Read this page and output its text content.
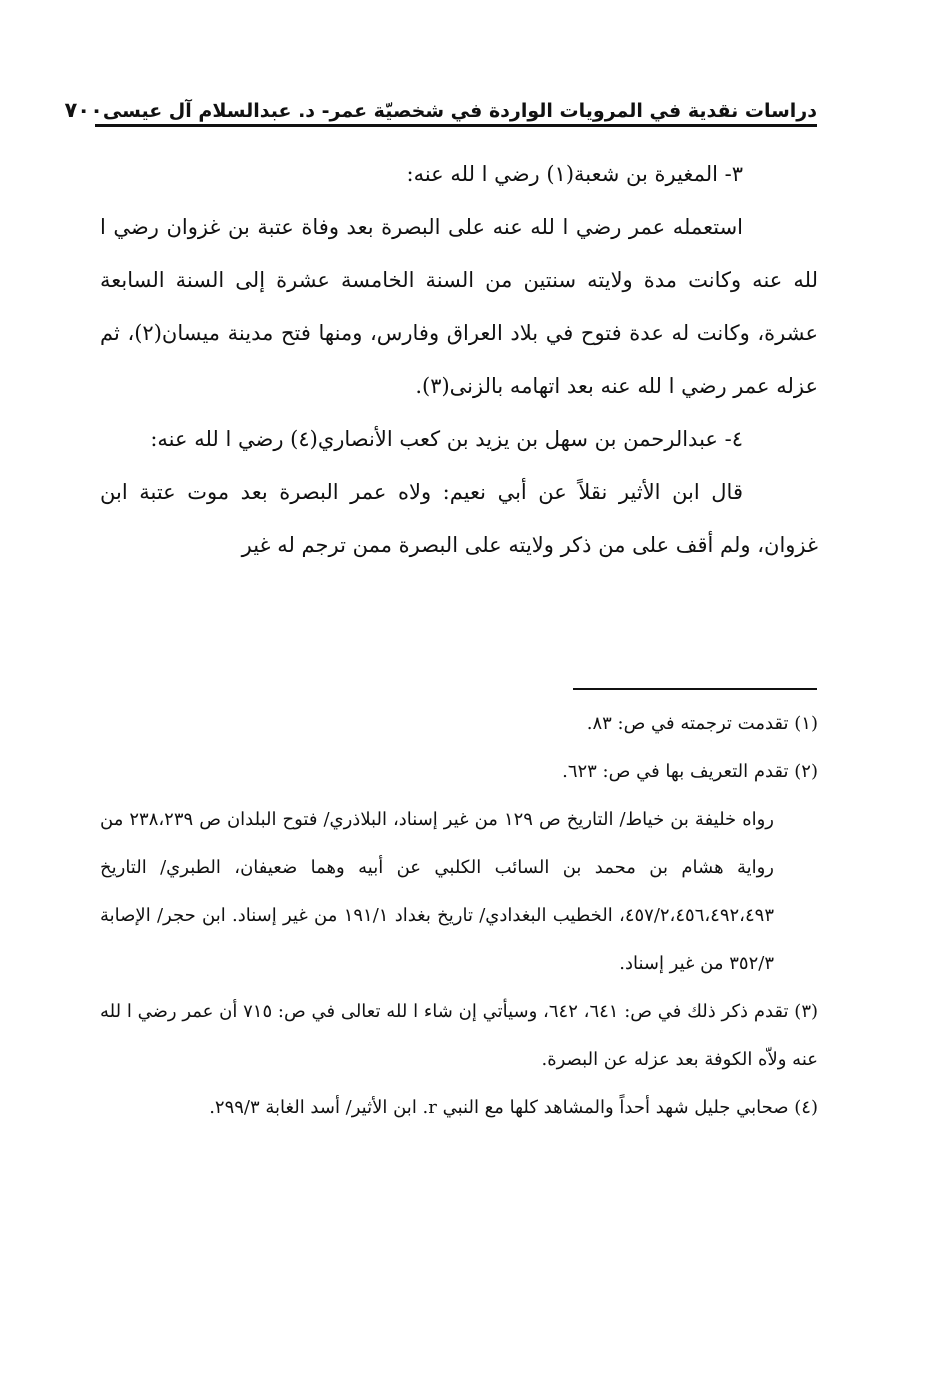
دراسات نقدية في المرويات الواردة في شخصيّة عمر- د. عبدالسلام آل عيسى
٧٠٠

٣- المغيرة بن شعبة(١) رضي ا لله عنه:

استعمله عمر رضي ا لله عنه على البصرة بعد وفاة عتبة بن غزوان رضي ا لله عنه وكانت مدة ولايته سنتين من السنة الخامسة عشرة إلى السنة السابعة عشرة، وكانت له عدة فتوح في بلاد العراق وفارس، ومنها فتح مدينة ميسان(٢)، ثم عزله عمر رضي ا لله عنه بعد اتهامه بالزنى(٣).

٤- عبدالرحمن بن سهل بن يزيد بن كعب الأنصاري(٤) رضي ا لله عنه:

قال ابن الأثير نقلاً عن أبي نعيم: ولاه عمر البصرة بعد موت عتبة ابن غزوان، ولم أقف على من ذكر ولايته على البصرة ممن ترجم له غير

(١) تقدمت ترجمته في ص: ٨٣.

(٢) تقدم التعريف بها في ص: ٦٢٣.

رواه خليفة بن خياط/ التاريخ ص ١٢٩ من غير إسناد، البلاذري/ فتوح البلدان ص ٢٣٨،٢٣٩ من رواية هشام بن محمد بن السائب الكلبي عن أبيه وهما ضعيفان، الطبري/ التاريخ ٤٥٧/٢،٤٥٦،٤٩٢،٤٩٣، الخطيب البغدادي/ تاريخ بغداد ١٩١/١ من غير إسناد. ابن حجر/ الإصابة ٣٥٢/٣ من غير إسناد.

(٣) تقدم ذكر ذلك في ص: ٦٤١، ٦٤٢، وسيأتي إن شاء ا لله تعالى في ص: ٧١٥ أن عمر رضي ا لله عنه ولاّه الكوفة بعد عزله عن البصرة.

(٤) صحابي جليل شهد أحداً والمشاهد كلها مع النبي r. ابن الأثير/ أسد الغابة ٢٩٩/٣.
